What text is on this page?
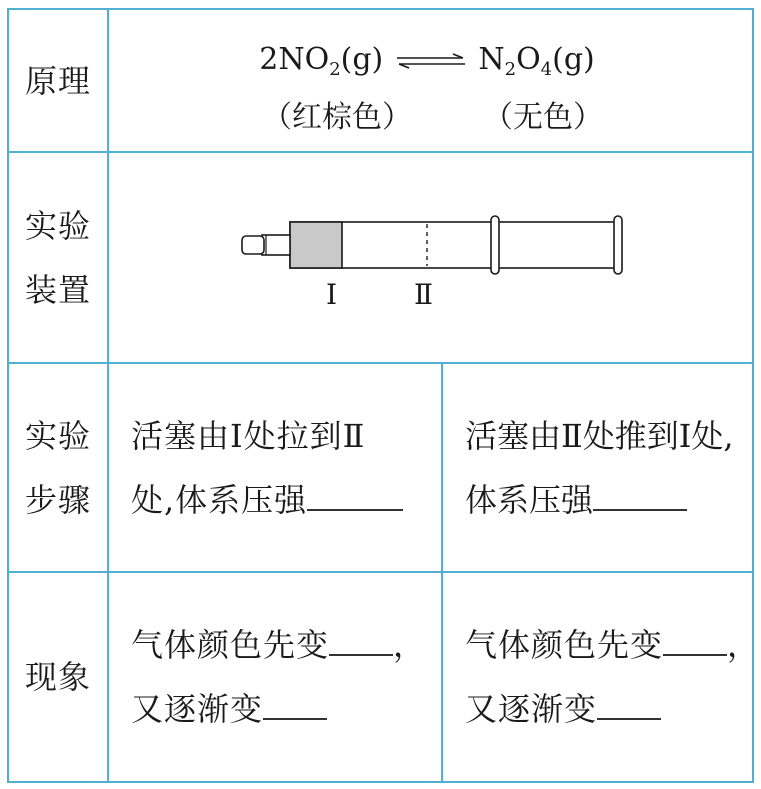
原理
$2NO_2(g)$ ⇌ $N_2O_4(g)$
（红棕色） （无色）
实验
装置	Ⅰ	Ⅱ
实验
步骤
活塞由Ⅰ处拉到Ⅱ
处,体系压强
活塞由Ⅱ处推到Ⅰ处,
体系压强
现象
气体颜色先变 ，
又逐渐变
气体颜色先变 ，
又逐渐变
